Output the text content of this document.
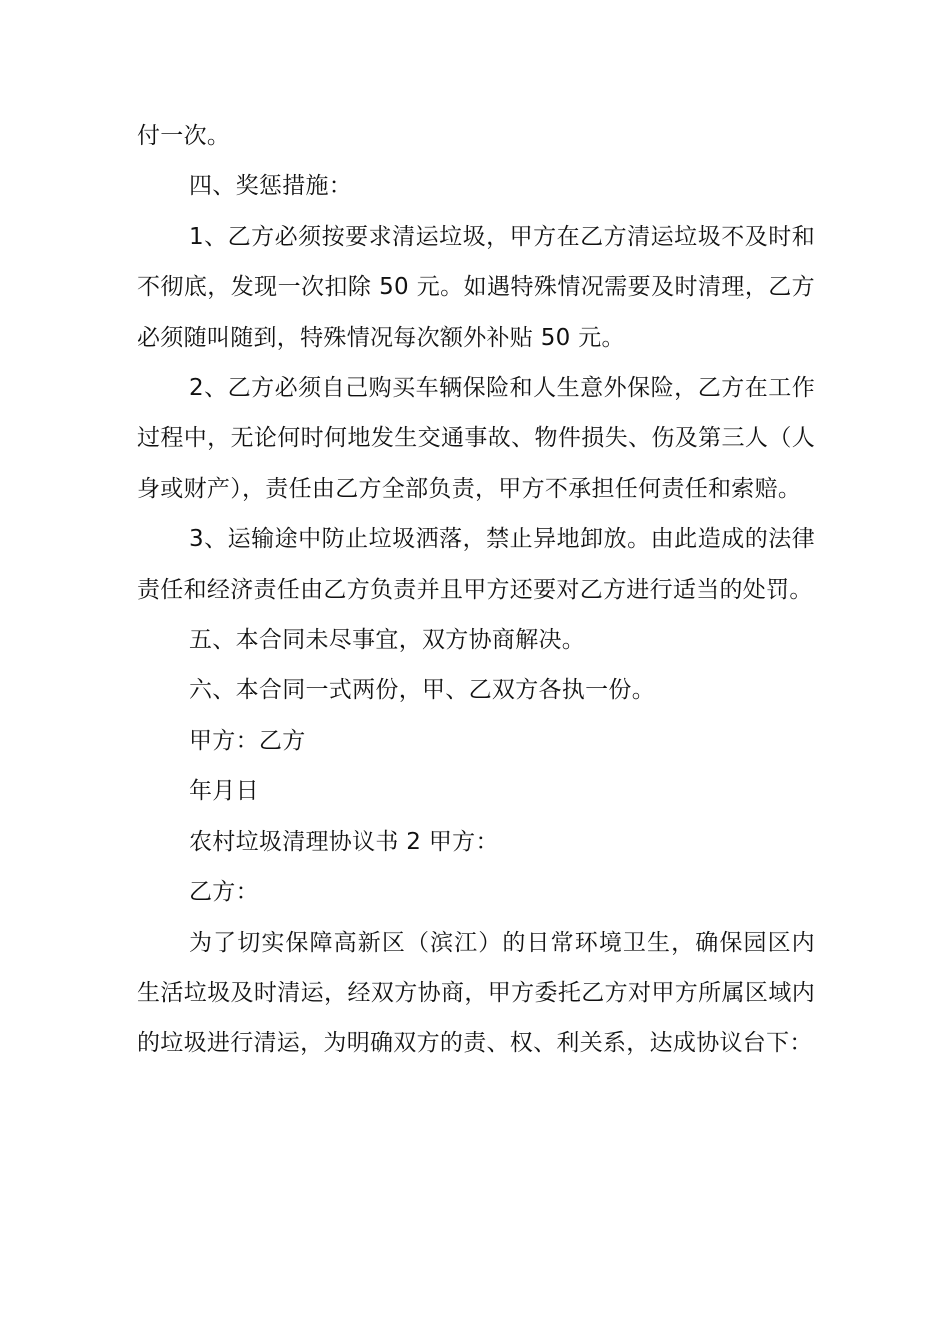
付一次。

四、奖惩措施：

1、乙方必须按要求清运垃圾，甲方在乙方清运垃圾不及时和不彻底，发现一次扣除 50 元。如遇特殊情况需要及时清理，乙方必须随叫随到，特殊情况每次额外补贴 50 元。

2、乙方必须自己购买车辆保险和人生意外保险，乙方在工作过程中，无论何时何地发生交通事故、物件损失、伤及第三人（人身或财产），责任由乙方全部负责，甲方不承担任何责任和索赔。

3、运输途中防止垃圾洒落，禁止异地卸放。由此造成的法律责任和经济责任由乙方负责并且甲方还要对乙方进行适当的处罚。

五、本合同未尽事宜，双方协商解决。

六、本合同一式两份，甲、乙双方各执一份。

甲方：乙方

年月日

农村垃圾清理协议书 2 甲方：

乙方：

为了切实保障高新区（滨江）的日常环境卫生，确保园区内生活垃圾及时清运，经双方协商，甲方委托乙方对甲方所属区域内的垃圾进行清运，为明确双方的责、权、利关系，达成协议台下：
